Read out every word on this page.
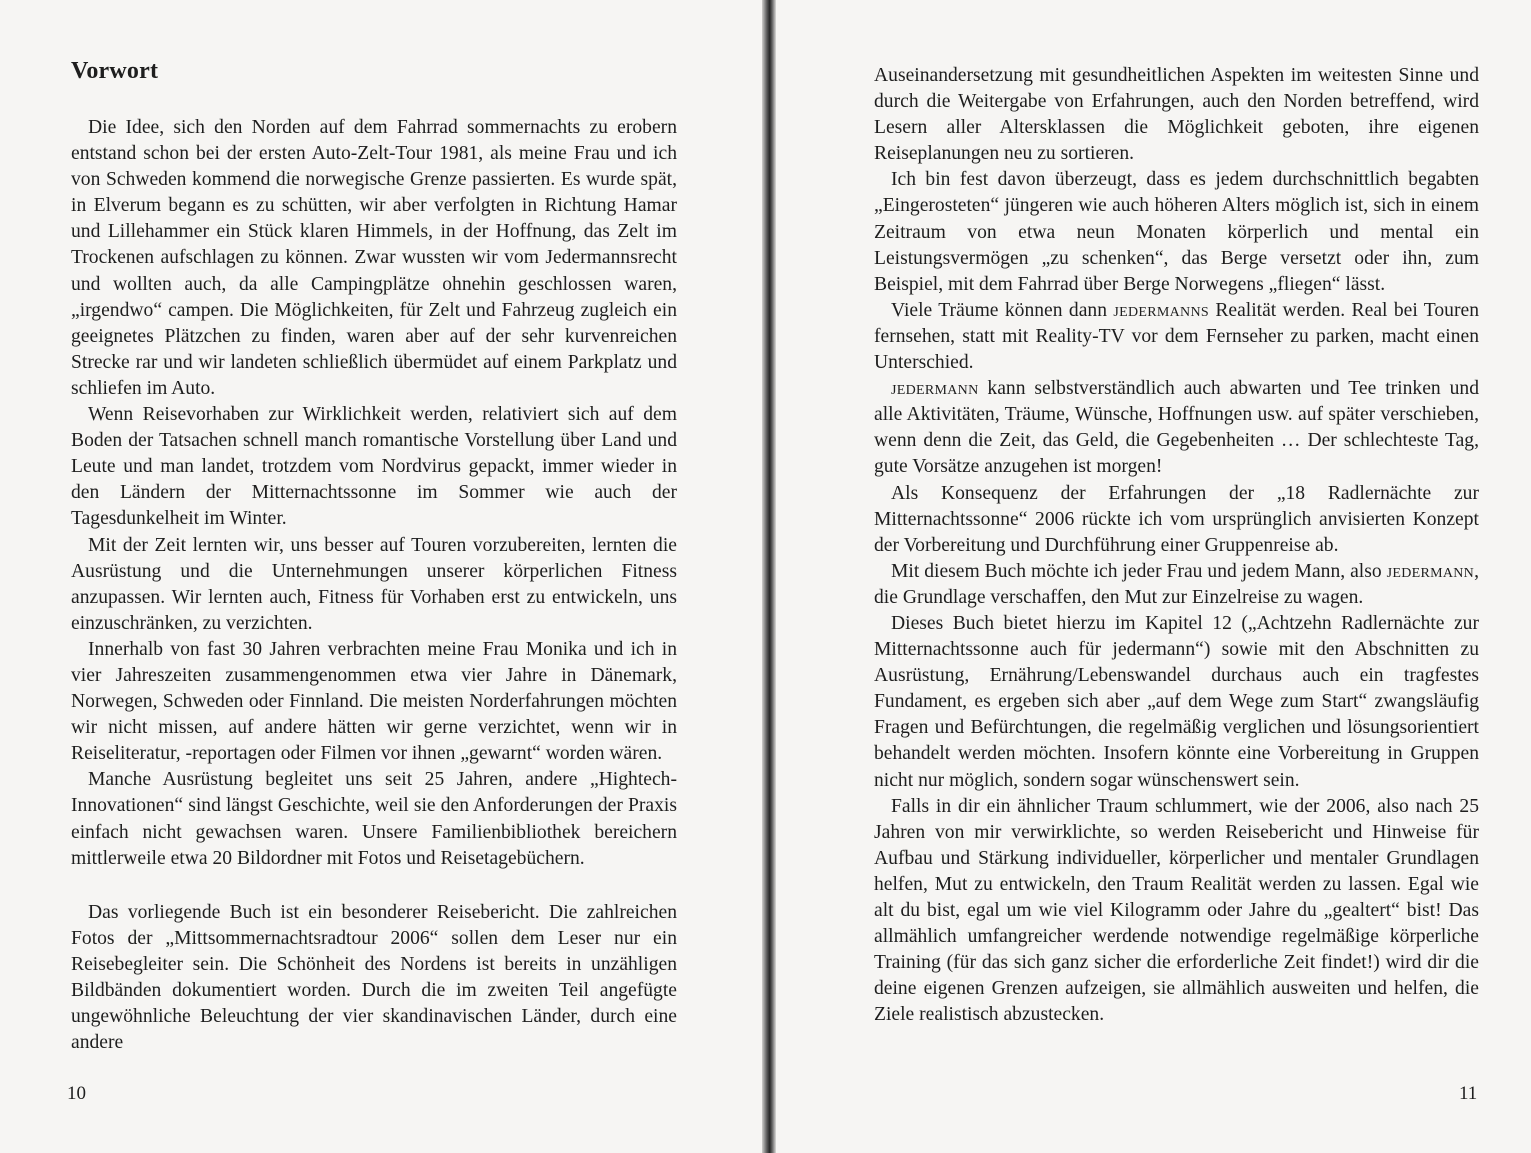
Vorwort

Die Idee, sich den Norden auf dem Fahrrad sommernachts zu erobern entstand schon bei der ersten Auto-Zelt-Tour 1981, als meine Frau und ich von Schweden kommend die norwegische Grenze passierten. Es wurde spät, in Elverum begann es zu schütten, wir aber verfolgten in Richtung Hamar und Lillehammer ein Stück klaren Himmels, in der Hoffnung, das Zelt im Trockenen aufschlagen zu können. Zwar wussten wir vom Jedermannsrecht und wollten auch, da alle Campingplätze ohnehin geschlossen waren, „irgendwo“ campen. Die Möglichkeiten, für Zelt und Fahrzeug zugleich ein geeignetes Plätzchen zu finden, waren aber auf der sehr kurvenreichen Strecke rar und wir landeten schließlich übermüdet auf einem Parkplatz und schliefen im Auto.

Wenn Reisevorhaben zur Wirklichkeit werden, relativiert sich auf dem Boden der Tatsachen schnell manch romantische Vorstellung über Land und Leute und man landet, trotzdem vom Nordvirus gepackt, immer wieder in den Ländern der Mitternachtssonne im Sommer wie auch der Tagesdunkelheit im Winter.

Mit der Zeit lernten wir, uns besser auf Touren vorzubereiten, lernten die Ausrüstung und die Unternehmungen unserer körperlichen Fitness anzupassen. Wir lernten auch, Fitness für Vorhaben erst zu entwickeln, uns einzuschränken, zu verzichten.

Innerhalb von fast 30 Jahren verbrachten meine Frau Monika und ich in vier Jahreszeiten zusammengenommen etwa vier Jahre in Dänemark, Norwegen, Schweden oder Finnland. Die meisten Norderfahrungen möchten wir nicht missen, auf andere hätten wir gerne verzichtet, wenn wir in Reiseliteratur, -reportagen oder Filmen vor ihnen „gewarnt“ worden wären.

Manche Ausrüstung begleitet uns seit 25 Jahren, andere „Hightech-Innovationen“ sind längst Geschichte, weil sie den Anforderungen der Praxis einfach nicht gewachsen waren. Unsere Familienbibliothek bereichern mittlerweile etwa 20 Bildordner mit Fotos und Reisetagebüchern.

Das vorliegende Buch ist ein besonderer Reisebericht. Die zahlreichen Fotos der „Mittsommernachtsradtour 2006“ sollen dem Leser nur ein Reisebegleiter sein. Die Schönheit des Nordens ist bereits in unzähligen Bildbänden dokumentiert worden. Durch die im zweiten Teil angefügte ungewöhnliche Beleuchtung der vier skandinavischen Länder, durch eine andere

10

Auseinandersetzung mit gesundheitlichen Aspekten im weitesten Sinne und durch die Weitergabe von Erfahrungen, auch den Norden betreffend, wird Lesern aller Altersklassen die Möglichkeit geboten, ihre eigenen Reiseplanungen neu zu sortieren.

Ich bin fest davon überzeugt, dass es jedem durchschnittlich begabten „Eingerosteten“ jüngeren wie auch höheren Alters möglich ist, sich in einem Zeitraum von etwa neun Monaten körperlich und mental ein Leistungsvermögen „zu schenken“, das Berge versetzt oder ihn, zum Beispiel, mit dem Fahrrad über Berge Norwegens „fliegen“ lässt.

Viele Träume können dann jedermanns Realität werden. Real bei Touren fernsehen, statt mit Reality-TV vor dem Fernseher zu parken, macht einen Unterschied.

jedermann kann selbstverständlich auch abwarten und Tee trinken und alle Aktivitäten, Träume, Wünsche, Hoffnungen usw. auf später verschieben, wenn denn die Zeit, das Geld, die Gegebenheiten … Der schlechteste Tag, gute Vorsätze anzugehen ist morgen!

Als Konsequenz der Erfahrungen der „18 Radlernächte zur Mitternachtssonne“ 2006 rückte ich vom ursprünglich anvisierten Konzept der Vorbereitung und Durchführung einer Gruppenreise ab.

Mit diesem Buch möchte ich jeder Frau und jedem Mann, also jedermann, die Grundlage verschaffen, den Mut zur Einzelreise zu wagen.

Dieses Buch bietet hierzu im Kapitel 12 („Achtzehn Radlernächte zur Mitternachtssonne auch für jedermann“) sowie mit den Abschnitten zu Ausrüstung, Ernährung/Lebenswandel durchaus auch ein tragfestes Fundament, es ergeben sich aber „auf dem Wege zum Start“ zwangsläufig Fragen und Befürchtungen, die regelmäßig verglichen und lösungsorientiert behandelt werden möchten. Insofern könnte eine Vorbereitung in Gruppen nicht nur möglich, sondern sogar wünschenswert sein.

Falls in dir ein ähnlicher Traum schlummert, wie der 2006, also nach 25 Jahren von mir verwirklichte, so werden Reisebericht und Hinweise für Aufbau und Stärkung individueller, körperlicher und mentaler Grundlagen helfen, Mut zu entwickeln, den Traum Realität werden zu lassen. Egal wie alt du bist, egal um wie viel Kilogramm oder Jahre du „gealtert“ bist! Das allmählich umfangreicher werdende notwendige regelmäßige körperliche Training (für das sich ganz sicher die erforderliche Zeit findet!) wird dir die deine eigenen Grenzen aufzeigen, sie allmählich ausweiten und helfen, die Ziele realistisch abzustecken.

11
